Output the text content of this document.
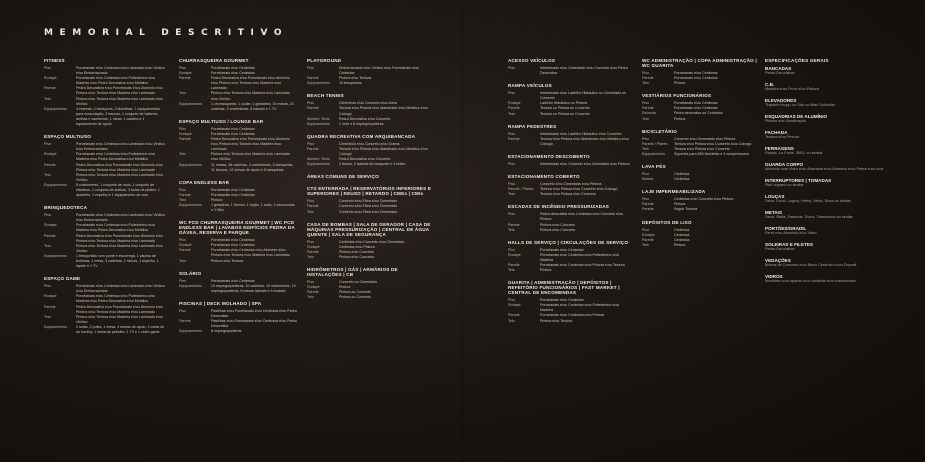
MEMORIAL DESCRITIVO
FITNESS
Piso	Porcelanato e/ou Cerâmica e/ou Laminado e/ou Vinílico e/ou Emborrachado
Rodapé	Porcelanato e/ou Cerâmica e/ou Poliestireno e/ou Madeira e/ou Pedra Decorativa e/ou Metálico
Parede	Pedra Decorativa e/ou Porcelanato e/ou Alumínio e/ou Pintura e/ou Textura e/ou Madeira e/ou Laminado
Teto	Pintura e/ou Textura e/ou Madeira e/ou Laminado e/ou Vinílico
Equipamentos	4 esteiras, 2 transports, 2 bicicletas, 7 equipamentos para musculação, 2 bancos, 1 conjunto de halteres, anilhas e caneleiras, 1 mesa, 1 cadeira e 1 equipamento de apoio
ESPAÇO MULTIUSO
Piso	Porcelanato e/ou Cerâmica e/ou Laminado e/ou Vinílico e/ou Emborrachado
Rodapé	Porcelanato e/ou Cerâmica e/ou Poliestireno e/ou Madeira e/ou Pedra Decorativa e/ou Metálico
Parede	Pedra Decorativa e/ou Porcelanato e/ou Alumínio e/ou Pintura e/ou Textura e/ou Madeira e/ou Laminado
Teto	Pintura e/ou Textura e/ou Madeira e/ou Laminado e/ou Vinílico
Equipamentos	5 colchonetes, 1 conjunto de rolos, 1 conjunto de elásticos, 1 conjunto de anilhas, 3 bolas de pilates, 1 aparelho, 1 espelho e 1 equipamento de som
BRINQUEDOTECA
Piso	Porcelanato e/ou Cerâmica e/ou Laminado e/ou Vinílico e/ou Emborrachado
Rodapé	Porcelanato e/ou Cerâmica e/ou Poliestireno e/ou Madeira e/ou Pedra Decorativa e/ou Metálico
Parede	Pedra Decorativa e/ou Porcelanato e/ou Alumínio e/ou Pintura e/ou Textura e/ou Madeira e/ou Laminado
Teto	Pintura e/ou Textura e/ou Madeira e/ou Laminado e/ou Vinílico
Equipamentos	1 brinquedão com ponte e escorrega, 1 piscina de bolinhas, 1 mesa, 3 cadeiras, 2 nichos, 1 espelho, 1 tapete e 1 TV
ESPAÇO GAME
Piso	Porcelanato e/ou Cerâmica e/ou Laminado e/ou Vinílico e/ou Emborrachado
Rodapé	Porcelanato e/ou Cerâmica e/ou Poliestireno e/ou Madeira e/ou Pedra Decorativa e/ou Metálico
Parede	Pedra Decorativa e/ou Porcelanato e/ou Alumínio e/ou Pintura e/ou Textura e/ou Madeira e/ou Laminado
Teto	Pintura e/ou Textura e/ou Madeira e/ou Laminado e/ou Vinílico
Equipamentos	2 sofás, 2 pufes, 1 mesa, 4 mesas de apoio, 1 mesa de air hockey, 1 mesa de pebolim, 1 TV e 1 video game
CHURRASQUEIRA GOURMET
Piso	Porcelanato e/ou Cerâmica
Rodapé	Porcelanato e/ou Cerâmica
Parede	Pedra Decorativa e/ou Porcelanato e/ou Alumínio e/ou Pintura e/ou Textura e/ou Madeira e/ou Laminado
Teto	Pintura e/ou Textura e/ou Madeira e/ou Laminado e/ou Vinílico
Equipamentos	1 churrasqueira, 1 cooler, 1 geladeira, 10 mesas, 24 cadeiras, 3 ombrelones, 8 bancos e 1 TV
ESPAÇO MULTIUSO / LOUNGE BAR
Piso	Porcelanato e/ou Cerâmica
Rodapé	Porcelanato e/ou Cerâmica
Parede	Pedra Decorativa e/ou Porcelanato e/ou Alumínio e/ou Pintura e/ou Textura e/ou Madeira e/ou Laminado
Teto	Pintura e/ou Textura e/ou Madeira e/ou Laminado e/ou Vinílico
Equipamentos	11 mesas, 36 cadeiras, 4 ombrelones, 6 banquetas, 11 bancos, 12 mesas de apoio e 8 banquetas
COPA ENDLESS BAR
Piso	Porcelanato e/ou Cerâmica
Parede	Porcelanato e/ou Cerâmica
Teto	Pintura
Equipamentos	1 geladeira, 1 freezer, 1 fogão, 1 coifa, 1 microondas e 1 filtro
WC PCD CHURRASQUEIRA GOURMET | WC PCD ENDLESS BAR | LAVABOS EDIFÍCIOS PEDRA DA GÁVEA, RESERVA E PARQUE
Piso	Porcelanato e/ou Cerâmica
Rodapé	Porcelanato e/ou Cerâmica
Parede	Porcelanato e/ou Cerâmica e/ou Alumínio e/ou Pintura e/ou Textura e/ou Madeira e/ou Laminado
Teto	Pintura e/ou Textura
SOLÁRIO
Piso	Porcelanato e/ou Cerâmica
Equipamentos	10 espreguiçadeiras, 10 cadeiras, 10 ombrelones, 10 espreguiçadeiras, 6 mesas laterais e 6 chaises
PISCINAS | DECK MOLHADO | SPA
Piso	Pastilhas e/ou Porcelanato e/ou Cerâmica e/ou Pedra Decorativa
Parede	Pastilhas e/ou Porcelanato e/ou Cerâmica e/ou Pedra Decorativa
Equipamentos	8 espreguiçadeiras
PLAYGROUND
Piso	Emborrachado e/ou Vinílico e/ou Porcelanato e/ou Cerâmica
Parede	Pintura e/ou Textura
Equipamentos	10 brinquedos
BEACH TENNIS
Piso	Cimentício e/ou Concreto e/ou Areia
Parede	Textura e/ou Pintura e/ou Alambrado e/ou Metálico e/ou Cobogó
Mureta / Tenis	Pedra Decorativa e/ou Concreto
Equipamentos	1 rede e 8 espreguiçadeiras
QUADRA RECREATIVA COM ARQUIBANCADA
Piso	Cimentício e/ou Concreto e/ou Grama
Parede	Textura e/ou Pintura e/ou Alambrado e/ou Metálico e/ou Cobogó
Mureta / Tenis	Pedra Decorativa e/ou Concreto
Equipamentos	2 traves, 2 tabelas de basquete e 3 redes
ÁREAS COMUNS DE SERVIÇO
CTS ENTERRADA | RESERVATÓRIOS INFERIORES E SUPERIORES | REUSO | RETARDO | CMEs | CMIs
Piso	Concreto e/ou Fibra e/ou Cimentado
Parede	Concreto e/ou Fibra e/ou Cimentado
Teto	Concreto e/ou Fibra e/ou Cimentado
CASA DE BOMBAS | SALA DE GERADOR | CASA DE MÁQUINAS PRESSURIZAÇÃO | CENTRAL DE ÁGUA QUENTE | SALA DE SEGURANÇA
Piso	Cerâmica e/ou Concreto e/ou Cimentado
Rodapé	Cerâmica e/ou Pintura
Parede	Pintura e/ou Concreto
Teto	Pintura e/ou Concreto
HIDRÔMETROS | GÁS | ARMÁRIOS DE INSTALAÇÕES | CB
Piso	Concreto ou Cimentado
Rodapé	Pintura
Parede	Pintura ou Concreto
Teto	Pintura ou Concreto
ACESSO VEÍCULOS
Piso	Intertravado e/ou Cimentado e/ou Concreto e/ou Pedra Decorativa
RAMPA VEÍCULOS
Piso	Intertravado e/ou Ladrilho Hidráulico ou Cimentado ou Concreto
Rodapé	Ladrilho Hidráulico ou Pintura
Parede	Textura ou Pintura ou Concreto
Teto	Textura ou Pintura ou Concreto
RAMPA PEDESTRES
Piso	Intertravado e/ou Ladrilho Hidráulico e/ou Concreto
Parede	Textura e/ou Pintura e/ou Alambrado e/ou Metálico e/ou Cobogó
ESTACIONAMENTO DESCOBERTO
Piso	Intertravado e/ou Concreto e/ou Cimentado e/ou Pintura
ESTACIONAMENTO COBERTO
Piso	Concreto e/ou Cimentado e/ou Pintura
Parede / Pilares	Textura e/ou Pintura e/ou Concreto e/ou Cobogó
Teto	Textura e/ou Pintura e/ou Concreto
ESCADAS DE INCÊNDIO PRESSURIZADAS
Piso	Pedra decorativa e/ou Cerâmica e/ou Concreto e/ou Pintura
Parede	Pintura e/ou Concreto
Teto	Pintura e/ou Concreto
HALLS DE SERVIÇO | CIRCULAÇÕES DE SERVIÇO
Piso	Porcelanato e/ou Cerâmica
Rodapé	Porcelanato e/ou Cerâmica e/ou Poliestireno e/ou Madeira
Parede	Porcelanato e/ou Cerâmica e/ou Pintura e/ou Textura
Teto	Pintura
GUARITA | ADMINISTRAÇÃO | DEPÓSITOS | REFEITÓRIO FUNCIONÁRIOS | FAST MARKET | CENTRAL DE ENCOMENDAS
Piso	Porcelanato e/ou Cerâmica
Rodapé	Porcelanato e/ou Cerâmica e/ou Poliestireno e/ou Madeira
Parede	Porcelanato e/ou Cerâmica e/ou Pintura
Teto	Pintura e/ou Textura
WC ADMINISTRAÇÃO | COPA ADMINISTRAÇÃO | WC GUARITA
Piso	Porcelanato e/ou Cerâmica
Parede	Porcelanato e/ou Cerâmica
Teto	Pintura
VESTIÁRIOS FUNCIONÁRIOS
Piso	Porcelanato e/ou Cerâmica
Parede	Porcelanato e/ou Cerâmica
Divisória	Pedra decorativa ou Cerâmica
Teto	Pintura
BICICLETÁRIO
Piso	Concreto e/ou Cimentado e/ou Pintura
Parede / Pilares	Textura e/ou Pintura e/ou Concreto e/ou Cobogó
Teto	Textura e/ou Pintura e/ou Concreto
Equipamentos	Suportes para 655 bicicletas e 4 compressores
LAVA PÉS
Piso	Cerâmica
Mureta	Cerâmica
LAJE IMPERMEABILIZADA
Piso	Cerâmica e/ou Concreto e/ou Pintura
Parede	Pintura
Parede	Seguir Textura
DEPÓSITOS DE LIXO
Piso	Cerâmica
Rodapé	Cerâmica
Parede	Cerâmica
Teto	Pintura
ESPECIFICAÇÕES GERAIS
BANCADAS
Pedra Decorativa
C.B.
Madeira e/ou Ferro e/ou Pintura
ELEVADORES
Thyssen Krupp ou Otis ou Atlas Schindler
ESQUADRIAS DE ALUMÍNIO
Pintura e/ou Anodização
FACHADA
Textura e/ou Pintura
FERRAGENS
Papaiz, La Fonte, 3M/2, ou similar
GUARDA CORPO
Alumínio com Vidro e/ou Alvenaria e/ou Alumínio e/ou Pedra e/ou Inox
INTERRUPTORES | TOMADAS
Pial Legrand ou similar
LOUÇAS
Deca, Docol, Logica, Henry, Velho, Roca ou similar
METAIS
Deca, Stella, Fabrimar, Docol, Tramontina ou similar
PORTÕES/GRADIL
Ferro e/ou Alumínio e/ou Vidro
SOLEIRAS E FILETES
Pedra Decorativa
VEDAÇÕES
Blocos de Concreto e/ou Bloco Cerâmico e/ou Drywall
VIDROS
Incolores e/ou opacos e/ou modelos e/ou translúcidos
